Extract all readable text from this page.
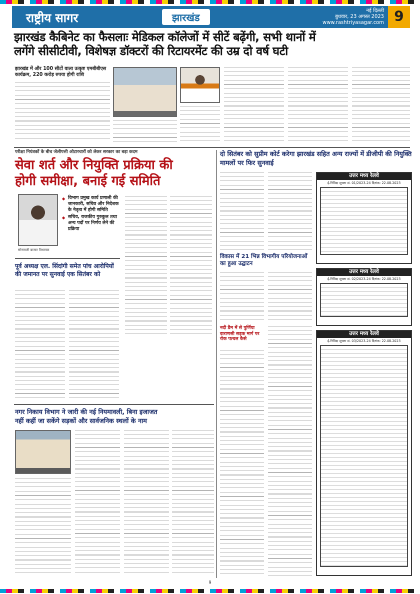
राष्ट्रीय सागर	झारखंड
नई दिल्ली
बुधवार, 23 अगस्त 2023
www.rashtriyasagar.com 9
झारखंड कैबिनेट का फैसलाः मेडिकल कॉलेजों में सीटें बढ़ेंगी, सभी थानों में
लगेंगे सीसीटीवी, विशेषज्ञ डॉक्टरों की रिटायरमेंट की उम्र दो वर्ष घटी
झारखंड में और 100 सीटों वाला उत्कृष्ट एमबीबीएस कार्यक्रम, 220 करोड़ रुपया होगी राशि
परीक्षा नियंत्रकों के बीच जेलीपत्ती ओटारचारों को लेकर सरकार का बड़ा कदम
सेवा शर्त और नियुक्ति प्रक्रिया की
होगी समीक्षा, बनाई गई समिति
सोनामली बाजार विधायक
◆ विभाग प्रमुख कार्य प्रणाली की जानकारी, सचिव और निदेशक के नेतृत्व में होगी समिति
◆ सचिव, राजकीय गुरुकुल तथा अन्य पदों पर निर्णय लेने की प्रक्रिया
पूर्व अध्यक्ष एल. सिंदांगी समेत पांच आरोपियों की जमानत पर सुनवाई एक सितंबर को
नगर निकाय विभाग ने जारी की नई नियमावली, बिना इजाजत
नहीं कहीं जा सकेंगे सड़कों और सार्वजनिक स्थलों के नाम
दो सितंबर को सुप्रीम कोर्ट करेगा झारखंड सहित अन्य राज्यों में डीजीपी की नियुक्ति मामलों पर फिर सुनवाई
विकास में 21 भिन्न विभागीय परियोजनाओं का हुआ उद्घाटन
नदी डैम में से पुर्णिया वाराणसी सड़क मार्ग पर रोक पत्थल कैसे
उत्तर मध्य रेलवे
ई-निविदा सूचना सं. 01/2023-24 दिनांक: 22.08.2023
उत्तर मध्य रेलवे
ई-निविदा सूचना सं. 02/2023-24 दिनांक: 22.08.2023
उत्तर मध्य रेलवे
ई-निविदा सूचना सं. 03/2023-24 दिनांक: 22.08.2023
9
